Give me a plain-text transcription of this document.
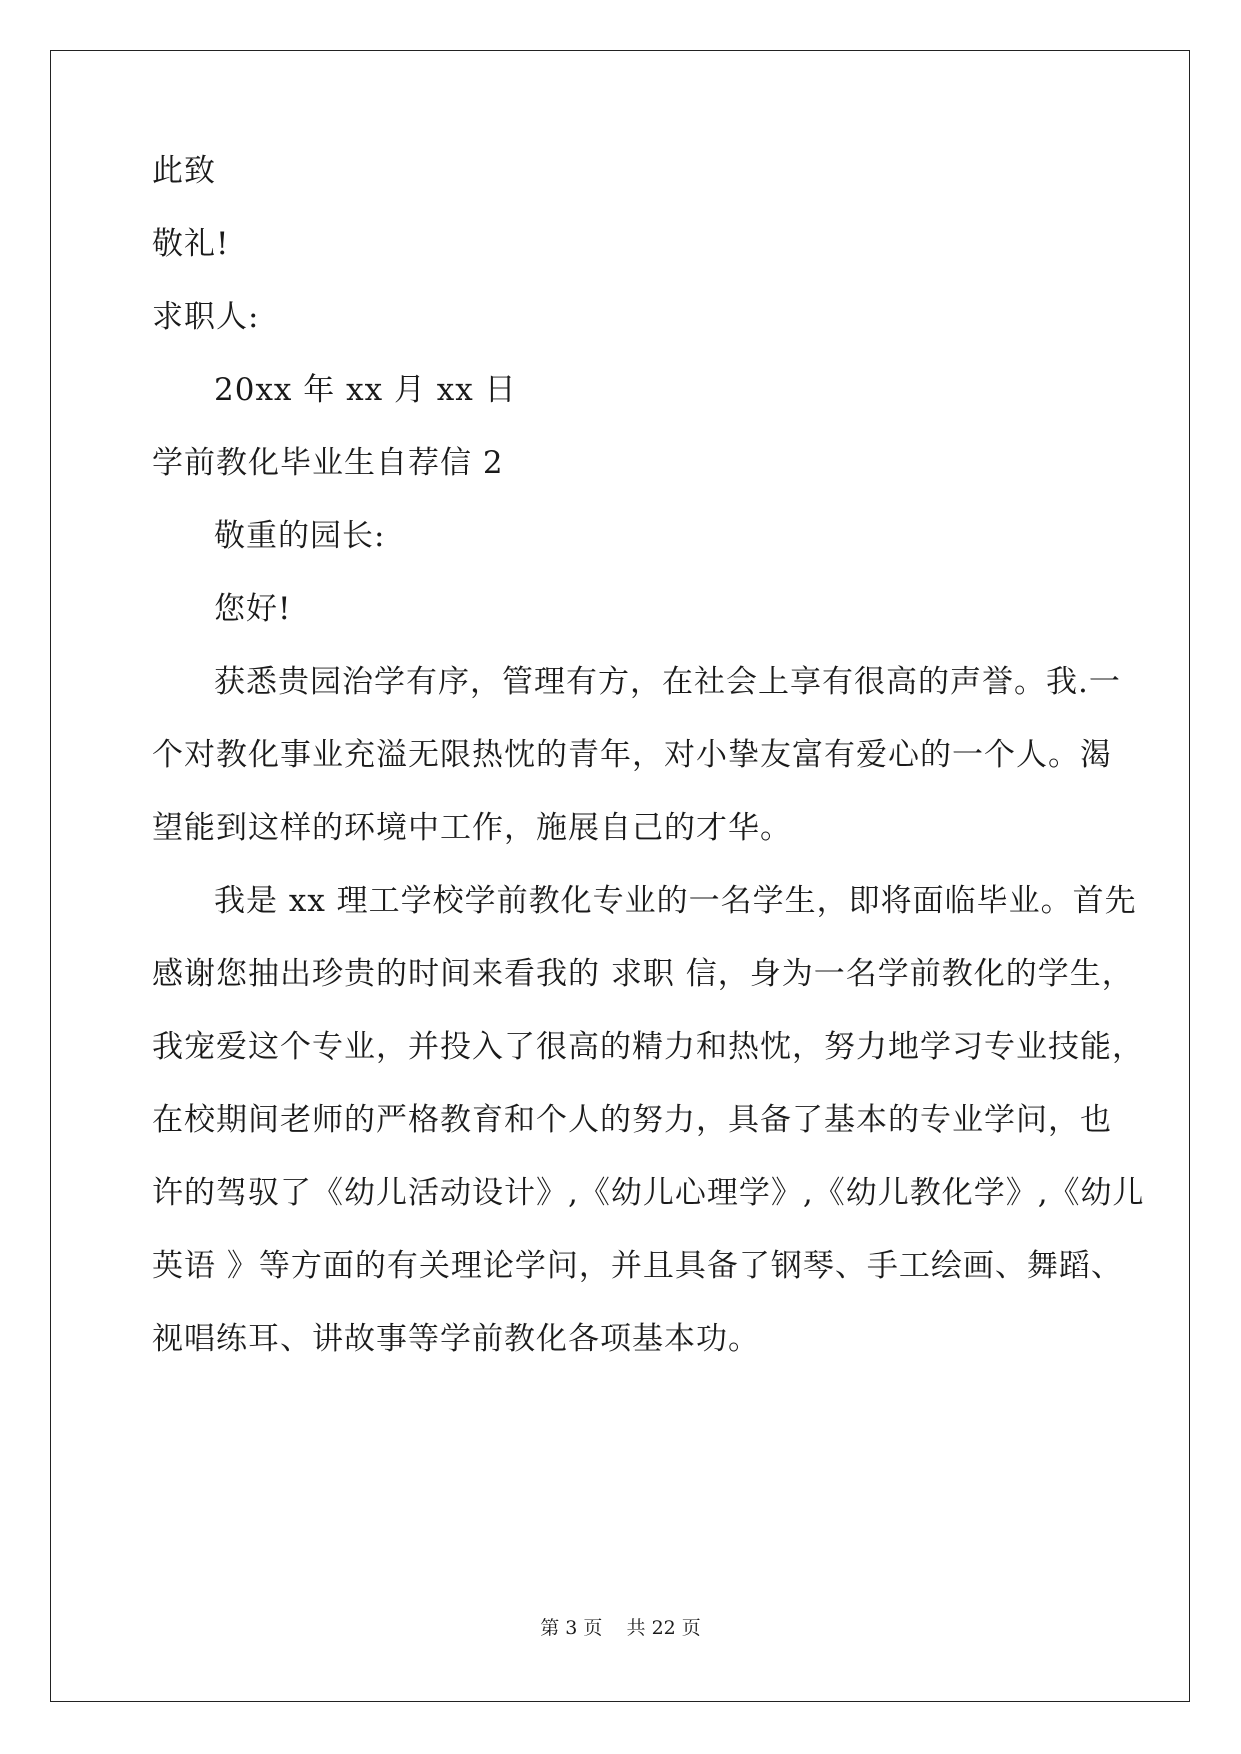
此致
敬礼!
求职人:
20xx 年 xx 月 xx 日
学前教化毕业生自荐信 2
敬重的园长:
您好!
获悉贵园治学有序，管理有方，在社会上享有很高的声誉。我.一
个对教化事业充溢无限热忱的青年，对小挚友富有爱心的一个人。渴
望能到这样的环境中工作，施展自己的才华。
我是 xx 理工学校学前教化专业的一名学生，即将面临毕业。首先
感谢您抽出珍贵的时间来看我的 求职 信，身为一名学前教化的学生，
我宠爱这个专业，并投入了很高的精力和热忱，努力地学习专业技能，
在校期间老师的严格教育和个人的努力，具备了基本的专业学问，也
许的驾驭了《幼儿活动设计》,《幼儿心理学》,《幼儿教化学》,《幼儿
英语 》等方面的有关理论学问，并且具备了钢琴、手工绘画、舞蹈、
视唱练耳、讲故事等学前教化各项基本功。
第 3 页    共 22 页
